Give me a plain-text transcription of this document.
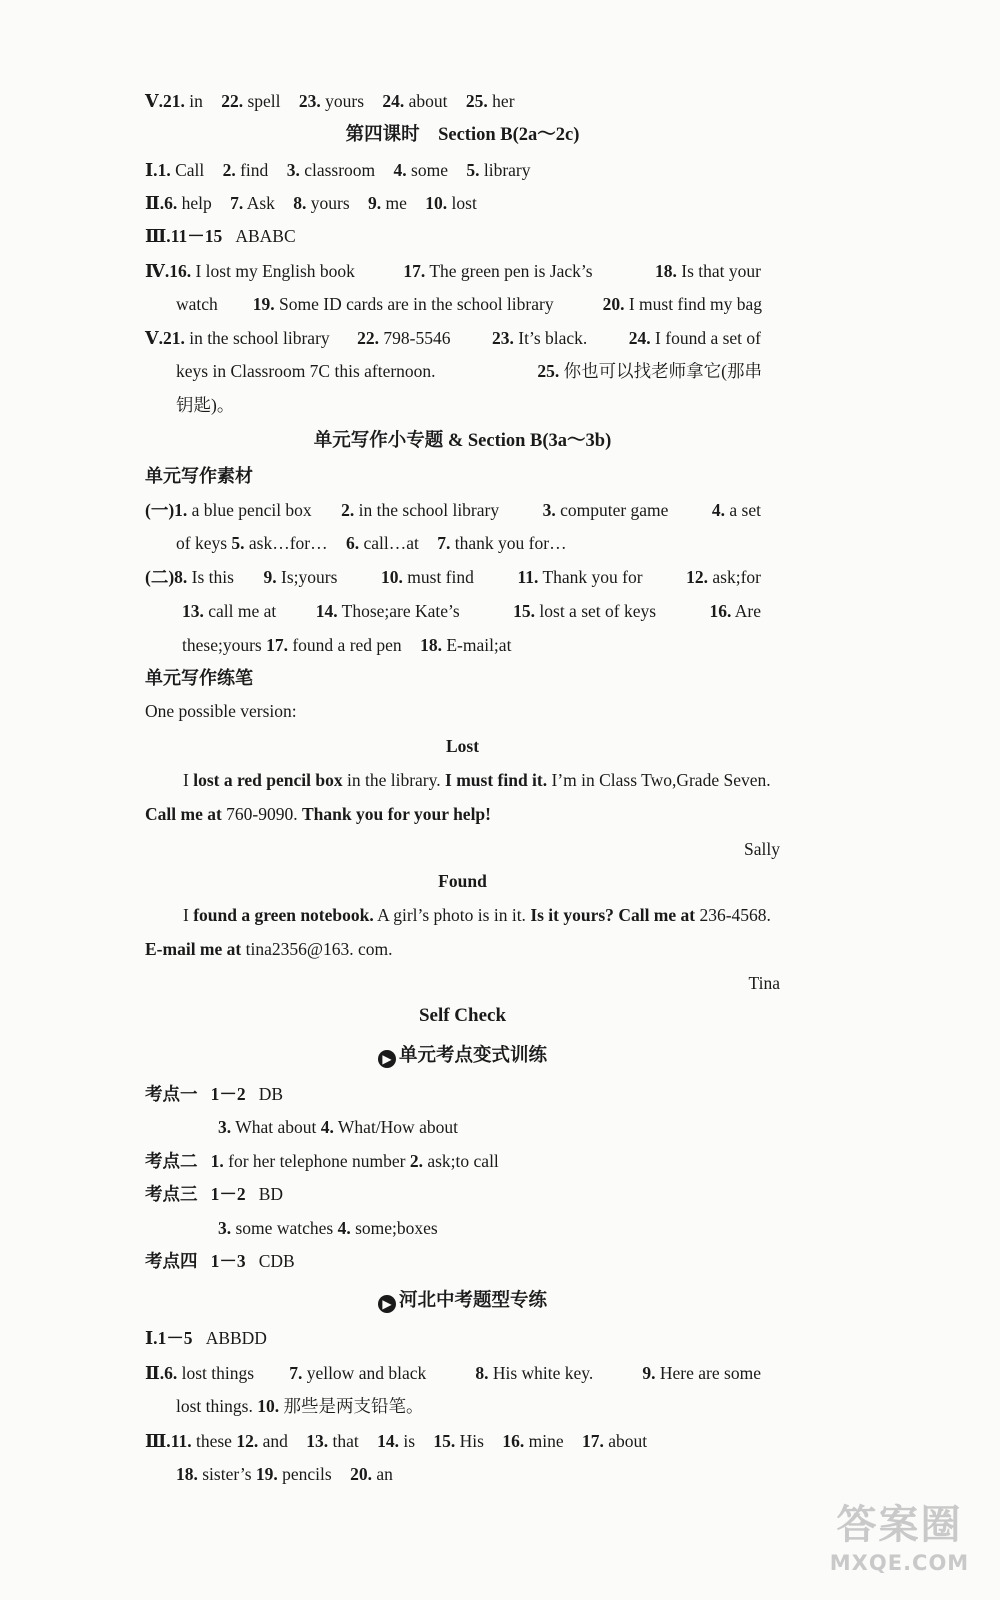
Ⅴ.21. in 22. spell 23. yours 24. about 25. her
第四课时　Section B(2a～2c)
Ⅰ.1. Call 2. find 3. classroom 4. some 5. library
Ⅱ.6. help 7. Ask 8. yours 9. me 10. lost
Ⅲ.11－15 ABABC
Ⅳ.16. I lost my English book	17. The green pen is Jack’s	18. Is that your
watch 19. Some ID cards are in the school library	20. I must find my bag
Ⅴ.21. in the school library 22. 798-5546 23. It’s black. 24. I found a set of
keys in Classroom 7C this afternoon.	25. 你也可以找老师拿它(那串
钥匙)。
单元写作小专题 & Section B(3a～3b)
单元写作素材
(一)1. a blue pencil box 2. in the school library 3. computer game 4. a set
of keys 5. ask…for… 6. call…at 7. thank you for…
(二)8. Is this 9. Is;yours 10. must find 11. Thank you for 12. ask;for
13. call me at 14. Those;are Kate’s	15. lost a set of keys	16. Are
these;yours 17. found a red pen 18. E-mail;at
单元写作练笔
One possible version:
Lost
I lost a red pencil box in the library. I must find it. I’m in Class Two,Grade Seven. Call me at 760-9090. Thank you for your help!
Sally
Found
I found a green notebook. A girl’s photo is in it. Is it yours? Call me at 236-4568. E-mail me at tina2356@163. com.
Tina
Self Check
▶ 单元考点变式训练
考点一 1－2 DB
3. What about 4. What/How about
考点二 1. for her telephone number 2. ask;to call
考点三 1－2 BD
3. some watches 4. some;boxes
考点四 1－3 CDB
▶ 河北中考题型专练
Ⅰ.1－5 ABBDD
Ⅱ.6. lost things 7. yellow and black	8. His white key.	9. Here are some
lost things. 10. 那些是两支铅笔。
Ⅲ.11. these 12. and 13. that 14. is 15. His 16. mine 17. about
18. sister’s 19. pencils 20. an
答案圈
MXQE.COM
